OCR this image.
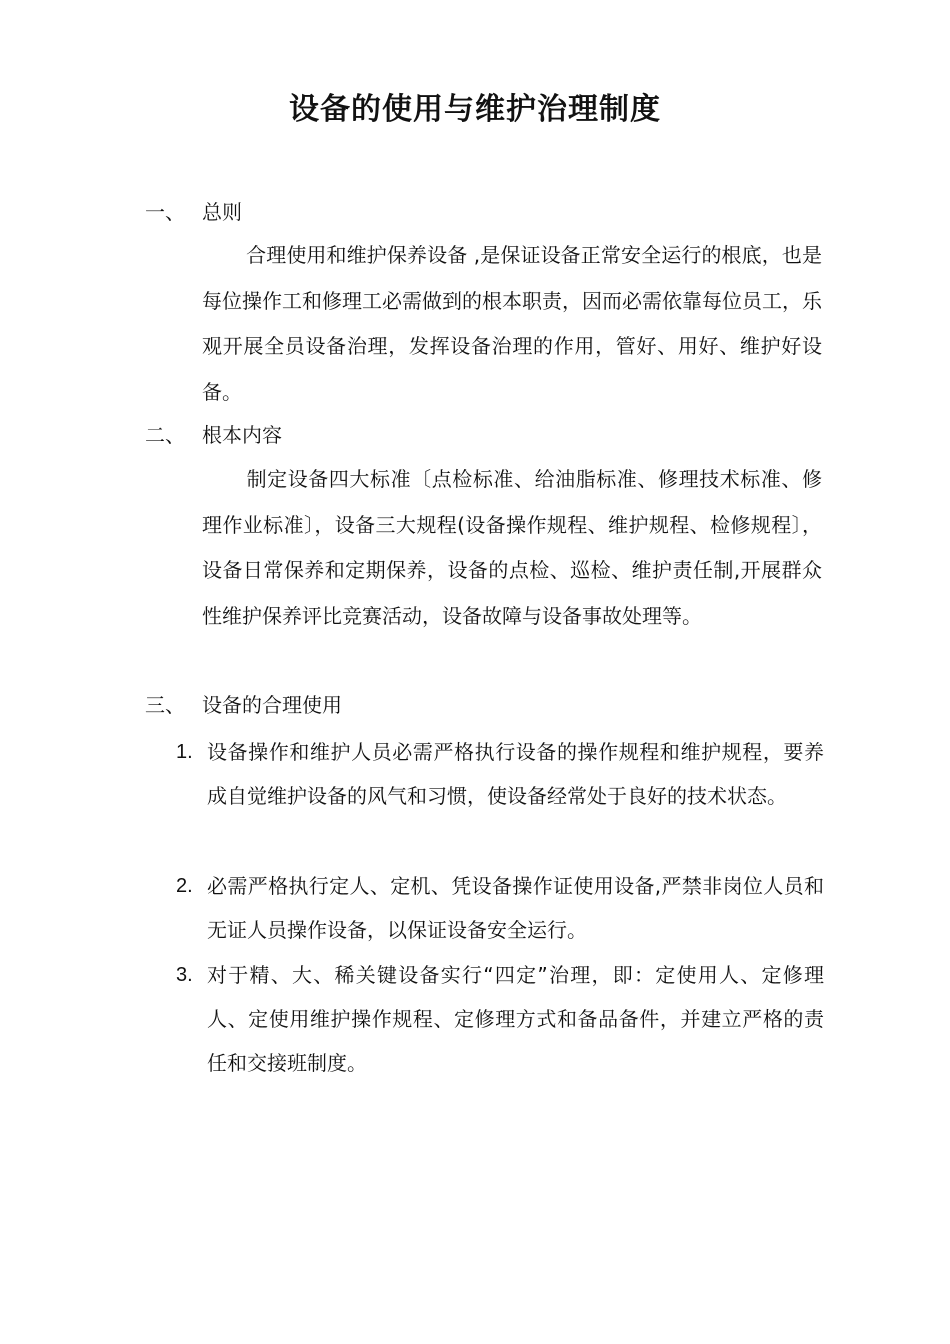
设备的使用与维护治理制度
一、 总则
合理使用和维护保养设备 ,是保证设备正常安全运行的根底，也是每位操作工和修理工必需做到的根本职责，因而必需依靠每位员工，乐观开展全员设备治理，发挥设备治理的作用，管好、用好、维护好设备。
二、 根本内容
制定设备四大标准〔点检标准、给油脂标准、修理技术标准、修理作业标准〕，设备三大规程(设备操作规程、维护规程、检修规程〕，设备日常保养和定期保养，设备的点检、巡检、维护责任制,开展群众性维护保养评比竞赛活动，设备故障与设备事故处理等。
三、 设备的合理使用
1. 设备操作和维护人员必需严格执行设备的操作规程和维护规程，要养成自觉维护设备的风气和习惯，使设备经常处于良好的技术状态。
2. 必需严格执行定人、定机、凭设备操作证使用设备,严禁非岗位人员和无证人员操作设备，以保证设备安全运行。
3. 对于精、大、稀关键设备实行“四定”治理，即：定使用人、定修理人、定使用维护操作规程、定修理方式和备品备件，并建立严格的责任和交接班制度。
